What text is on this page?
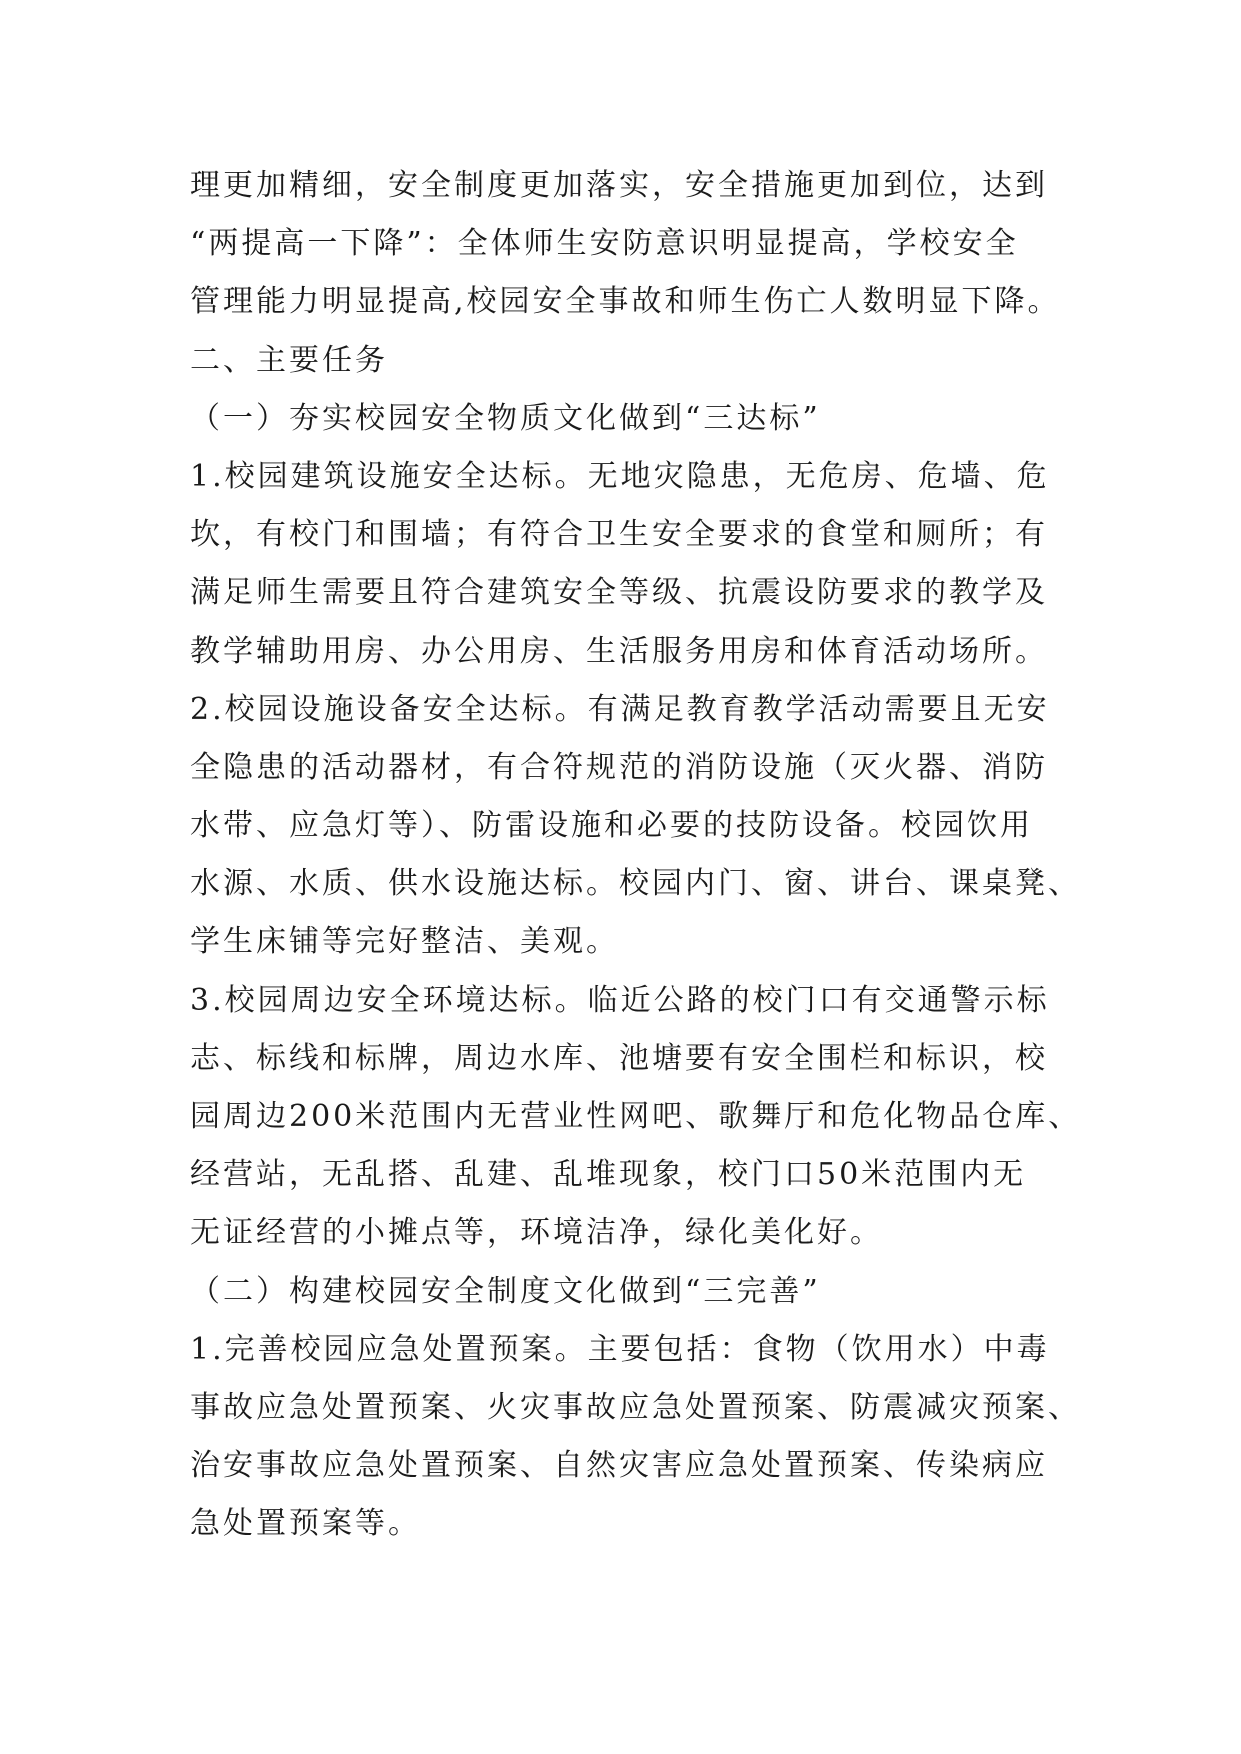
理更加精细，安全制度更加落实，安全措施更加到位，达到
“两提高一下降”：全体师生安防意识明显提高，学校安全
管理能力明显提高,校园安全事故和师生伤亡人数明显下降。
二、主要任务
（一）夯实校园安全物质文化做到“三达标”
1.校园建筑设施安全达标。无地灾隐患，无危房、危墙、危
坎，有校门和围墙；有符合卫生安全要求的食堂和厕所；有
满足师生需要且符合建筑安全等级、抗震设防要求的教学及
教学辅助用房、办公用房、生活服务用房和体育活动场所。
2.校园设施设备安全达标。有满足教育教学活动需要且无安
全隐患的活动器材，有合符规范的消防设施（灭火器、消防
水带、应急灯等）、防雷设施和必要的技防设备。校园饮用
水源、水质、供水设施达标。校园内门、窗、讲台、课桌凳、
学生床铺等完好整洁、美观。
3.校园周边安全环境达标。临近公路的校门口有交通警示标
志、标线和标牌，周边水库、池塘要有安全围栏和标识，校
园周边200米范围内无营业性网吧、歌舞厅和危化物品仓库、
经营站，无乱搭、乱建、乱堆现象，校门口50米范围内无
无证经营的小摊点等，环境洁净，绿化美化好。
（二）构建校园安全制度文化做到“三完善”
1.完善校园应急处置预案。主要包括：食物（饮用水）中毒
事故应急处置预案、火灾事故应急处置预案、防震减灾预案、
治安事故应急处置预案、自然灾害应急处置预案、传染病应
急处置预案等。
